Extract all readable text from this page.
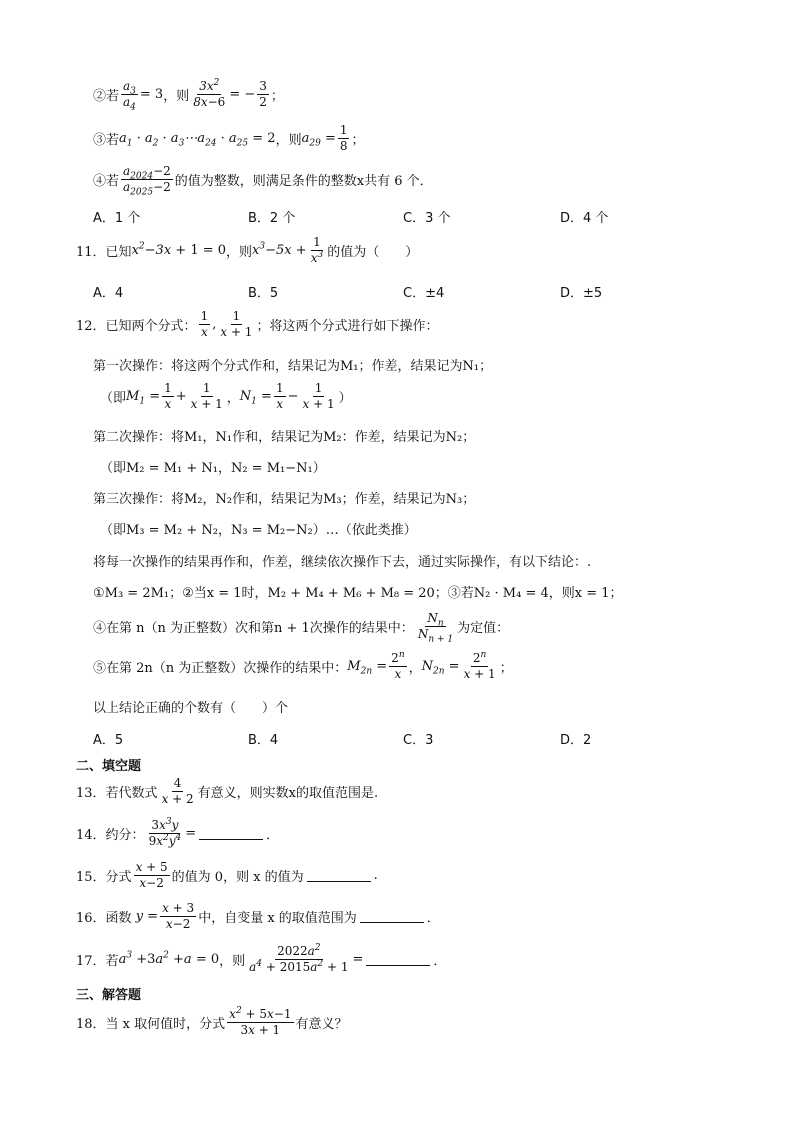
②若 $\frac{a_3}{a_4} = 3$ ，则 $\frac{3x^2}{8x-6}$ = − $\frac{3}{2}$ ；
③若 $a_1 \cdot a_2$ · $a_3\cdots a_{24} \cdot a_{25} = 2$ ，则 $a_{29} = \frac{1}{8}$ ；
④若 $\frac{a_{2024}-2}{a_{2025}-2}$ 的值为整数，则满足条件的整数x共有 6 个．
A．1 个	B．2 个	C．3 个	D．4 个
11． 已知 $x^2-3x + 1 = 0$ ，则 $x^3-5x + \frac{1}{x^3}$ 的值为（　　）
A．4	B．5	C．±4	D．±5
12． 已知两个分式： $\frac{1}{x}$ , $\frac{1}{x + 1}$ ；将这两个分式进行如下操作：
第一次操作：将这两个分式作和，结果记为M₁；作差，结果记为N₁；
（即 $M_1 = \frac{1}{x} + \frac{1}{x + 1}$ ， $N_1 = \frac{1}{x} - \frac{1}{x + 1}$ ）
第二次操作：将M₁，N₁作和，结果记为M₂：作差，结果记为N₂；
（即M₂ = M₁ + N₁，N₂ = M₁−N₁）
第三次操作：将M₂，N₂作和，结果记为M₃；作差，结果记为N₃；
（即M₃ = M₂ + N₂，N₃ = M₂−N₂）…（依此类推）
将每一次操作的结果再作和，作差，继续依次操作下去，通过实际操作，有以下结论：.
①M₃ = 2M₁；②当x = 1时，M₂ + M₄ + M₆ + M₈ = 20；③若N₂ · M₄ = 4，则x = 1；
④在第 n（n 为正整数）次和第n + 1次操作的结果中： $\frac{N_n}{N_{n + 1}}$ 为定值：
⑤在第 2n（n 为正整数）次操作的结果中： $M_{2n} = \frac{2^n}{x}$ ， $N_{2n} = \frac{2^n}{x + 1}$ ；
以上结论正确的个数有（　　）个
A．5	B．4	C．3	D．2
二、填空题
13． 若代数式 $\frac{4}{x + 2}$ 有意义，则实数x的取值范围是.
14． 约分： $\frac{3x^3y}{9x^2y^4}$ =	．
15． 分式 $\frac{x + 5}{x-2}$ 的值为 0，则 x 的值为	.
16． 函数 $y = \frac{x + 3}{x-2}$ 中，自变量 x 的取值范围为	．
17． 若 $a^3 +3a^2 +a = 0$ ，则 $\frac{2022a^2}{a^4 + 2015a^2 + 1}$ =	．
三、解答题
18． 当 x 取何值时，分式 $\frac{x^2 + 5x-1}{3x + 1}$ 有意义？
